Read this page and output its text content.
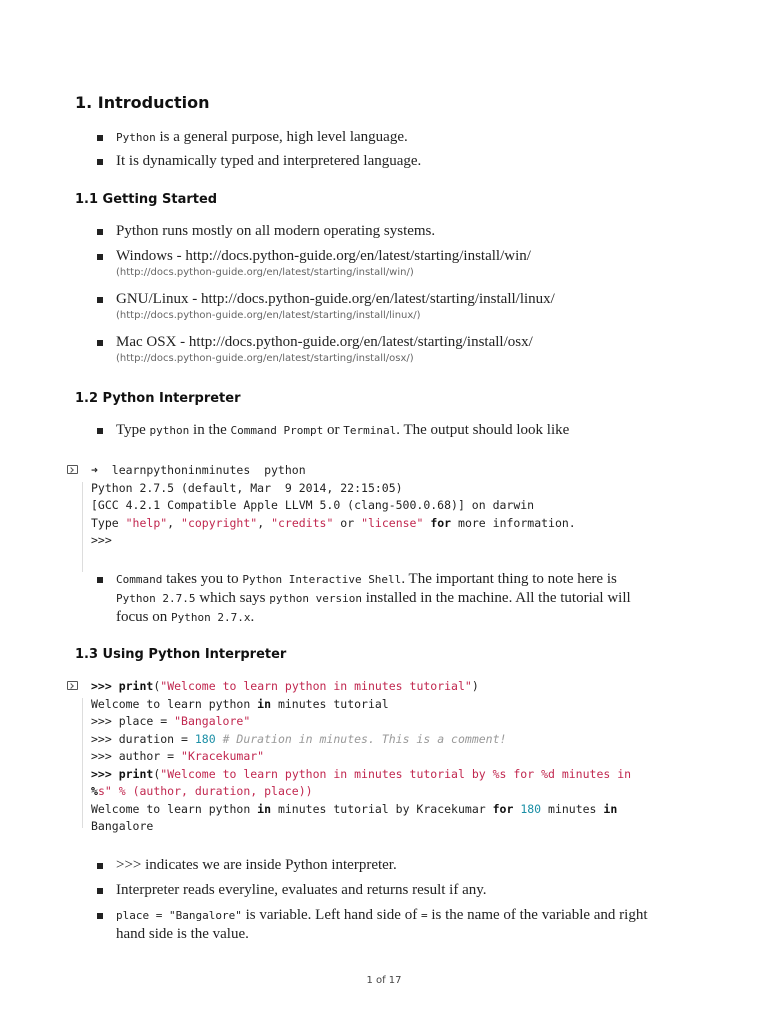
1. Introduction
Python is a general purpose, high level language.
It is dynamically typed and interpretered language.
1.1 Getting Started
Python runs mostly on all modern operating systems.
Windows - http://docs.python-guide.org/en/latest/starting/install/win/
(http://docs.python-guide.org/en/latest/starting/install/win/)
GNU/Linux - http://docs.python-guide.org/en/latest/starting/install/linux/
(http://docs.python-guide.org/en/latest/starting/install/linux/)
Mac OSX - http://docs.python-guide.org/en/latest/starting/install/osx/
(http://docs.python-guide.org/en/latest/starting/install/osx/)
1.2 Python Interpreter
Type python in the Command Prompt or Terminal. The output should look like
➜  learnpythoninminutes  python
Python 2.7.5 (default, Mar  9 2014, 22:15:05)
[GCC 4.2.1 Compatible Apple LLVM 5.0 (clang-500.0.68)] on darwin
Type "help", "copyright", "credits" or "license" for more information.
>>>
Command takes you to Python Interactive Shell. The important thing to note here is
Python 2.7.5 which says python version installed in the machine. All the tutorial will
focus on Python 2.7.x.
1.3 Using Python Interpreter
>>> print("Welcome to learn python in minutes tutorial")
Welcome to learn python in minutes tutorial
>>> place = "Bangalore"
>>> duration = 180 # Duration in minutes. This is a comment!
>>> author = "Kracekumar"
>>> print("Welcome to learn python in minutes tutorial by %s for %d minutes in
%s" % (author, duration, place))
Welcome to learn python in minutes tutorial by Kracekumar for 180 minutes in
Bangalore
>>> indicates we are inside Python interpreter.
Interpreter reads everyline, evaluates and returns result if any.
place = "Bangalore" is variable. Left hand side of = is the name of the variable and right
hand side is the value.
1 of 17
